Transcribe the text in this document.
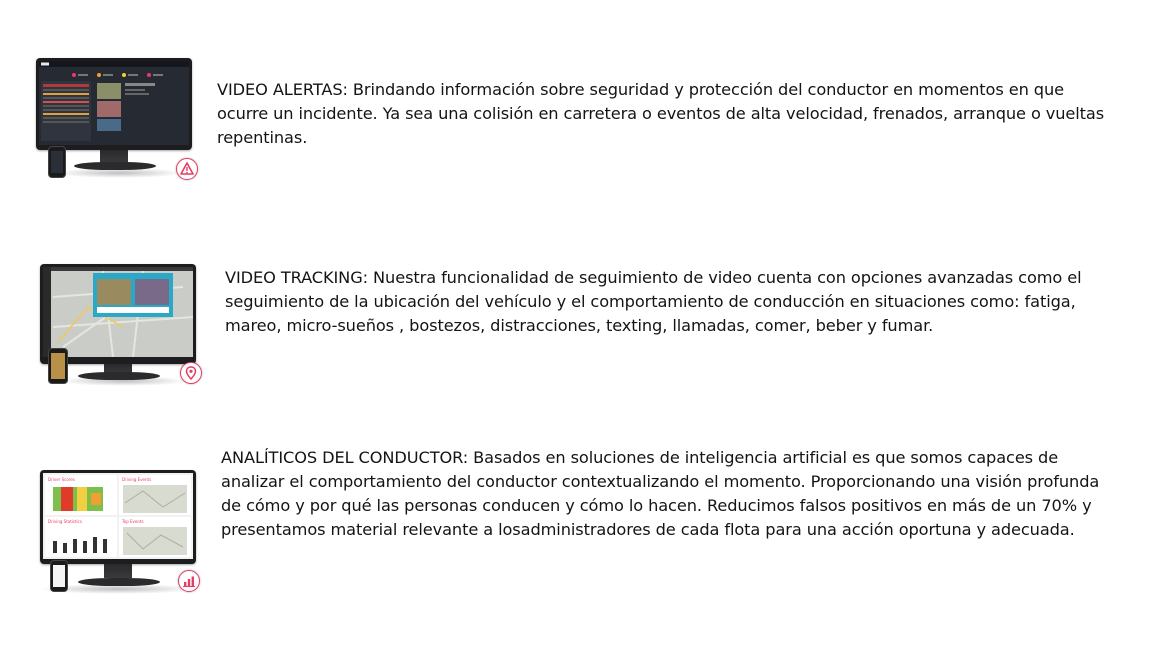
VIDEO ALERTAS: Brindando información sobre seguridad y protección del conductor en momentos en que ocurre un incidente. Ya sea una colisión en carretera o eventos de alta velocidad, frenados, arranque o vueltas repentinas.
VIDEO TRACKING: Nuestra funcionalidad de seguimiento de video cuenta con opciones avanzadas como el seguimiento de la ubicación del vehículo y el comportamiento de conducción en situaciones como: fatiga, mareo, micro-sueños , bostezos, distracciones, texting, llamadas, comer, beber y fumar.
Driver Scores	Driving Events
Driving Statistics	Top Events
ANALÍTICOS DEL CONDUCTOR: Basados en soluciones de inteligencia artificial es que somos capaces de analizar el comportamiento del conductor contextualizando el momento. Proporcionando una visión profunda de cómo y por qué las personas conducen y cómo lo hacen. Reducimos falsos positivos en más de un 70% y presentamos material relevante a losadministradores de cada flota para una acción oportuna y adecuada.
